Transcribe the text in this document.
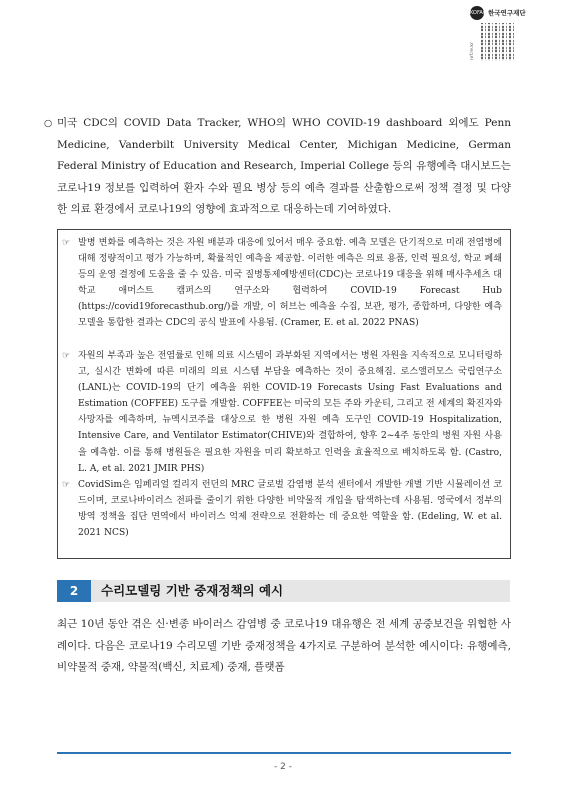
KOFAC 한국연구재단
nrf.re.kr
○ 미국 CDC의 COVID Data Tracker, WHO의 WHO COVID-19 dashboard 외에도 Penn Medicine, Vanderbilt University Medical Center, Michigan Medicine, German Federal Ministry of Education and Research, Imperial College 등의 유행예측 대시보드는 코로나19 정보를 입력하여 환자 수와 필요 병상 등의 예측 결과를 산출함으로써 정책 결정 및 다양한 의료 환경에서 코로나19의 영향에 효과적으로 대응하는데 기여하였다.
☞ 발병 변화를 예측하는 것은 자원 배분과 대응에 있어서 매우 중요함. 예측 모델은 단기적으로 미래 전염병에 대해 정량적이고 평가 가능하며, 확률적인 예측을 제공함. 이러한 예측은 의료 용품, 인력 필요성, 학교 폐쇄 등의 운영 결정에 도움을 줄 수 있음. 미국 질병통제예방센터(CDC)는 코로나19 대응을 위해 매사추세츠 대학교 애머스트 캠퍼스의 연구소와 협력하여 COVID-19 Forecast Hub (https://covid19forecasthub.org/)를 개발, 이 허브는 예측을 수집, 보관, 평가, 종합하며, 다양한 예측 모델을 통합한 결과는 CDC의 공식 발표에 사용됨. (Cramer, E. et al. 2022 PNAS)
☞ 자원의 부족과 높은 전염률로 인해 의료 시스템이 과부화된 지역에서는 병원 자원을 지속적으로 모니터링하고, 실시간 변화에 따른 미래의 의료 시스템 부담을 예측하는 것이 중요해짐. 로스앨러모스 국립연구소(LANL)는 COVID-19의 단기 예측을 위한 COVID-19 Forecasts Using Fast Evaluations and Estimation (COFFEE) 도구를 개발함. COFFEE는 미국의 모든 주와 카운티, 그리고 전 세계의 확진자와 사망자를 예측하며, 뉴멕시코주를 대상으로 한 병원 자원 예측 도구인 COVID-19 Hospitalization, Intensive Care, and Ventilator Estimator(CHIVE)와 결합하여, 향후 2~4주 동안의 병원 자원 사용을 예측함. 이를 통해 병원들은 필요한 자원을 미리 확보하고 인력을 효율적으로 배치하도록 함. (Castro, L. A, et al. 2021 JMIR PHS)
☞ CovidSim은 임페리얼 컬리지 런던의 MRC 글로벌 감염병 분석 센터에서 개발한 개별 기반 시뮬레이션 코드이며, 코로나바이러스 전파를 줄이기 위한 다양한 비약물적 개입을 탐색하는데 사용됨. 영국에서 정부의 방역 정책을 집단 면역에서 바이러스 억제 전략으로 전환하는 데 중요한 역할을 함. (Edeling, W. et al. 2021 NCS)
2	수리모델링 기반 중재정책의 예시
최근 10년 동안 겪은 신·변종 바이러스 감염병 중 코로나19 대유행은 전 세계 공중보건을 위협한 사례이다. 다음은 코로나19 수리모델 기반 중재정책을 4가지로 구분하여 분석한 예시이다: 유행예측, 비약물적 중재, 약물적(백신, 치료제) 중재, 플랫폼
- 2 -
